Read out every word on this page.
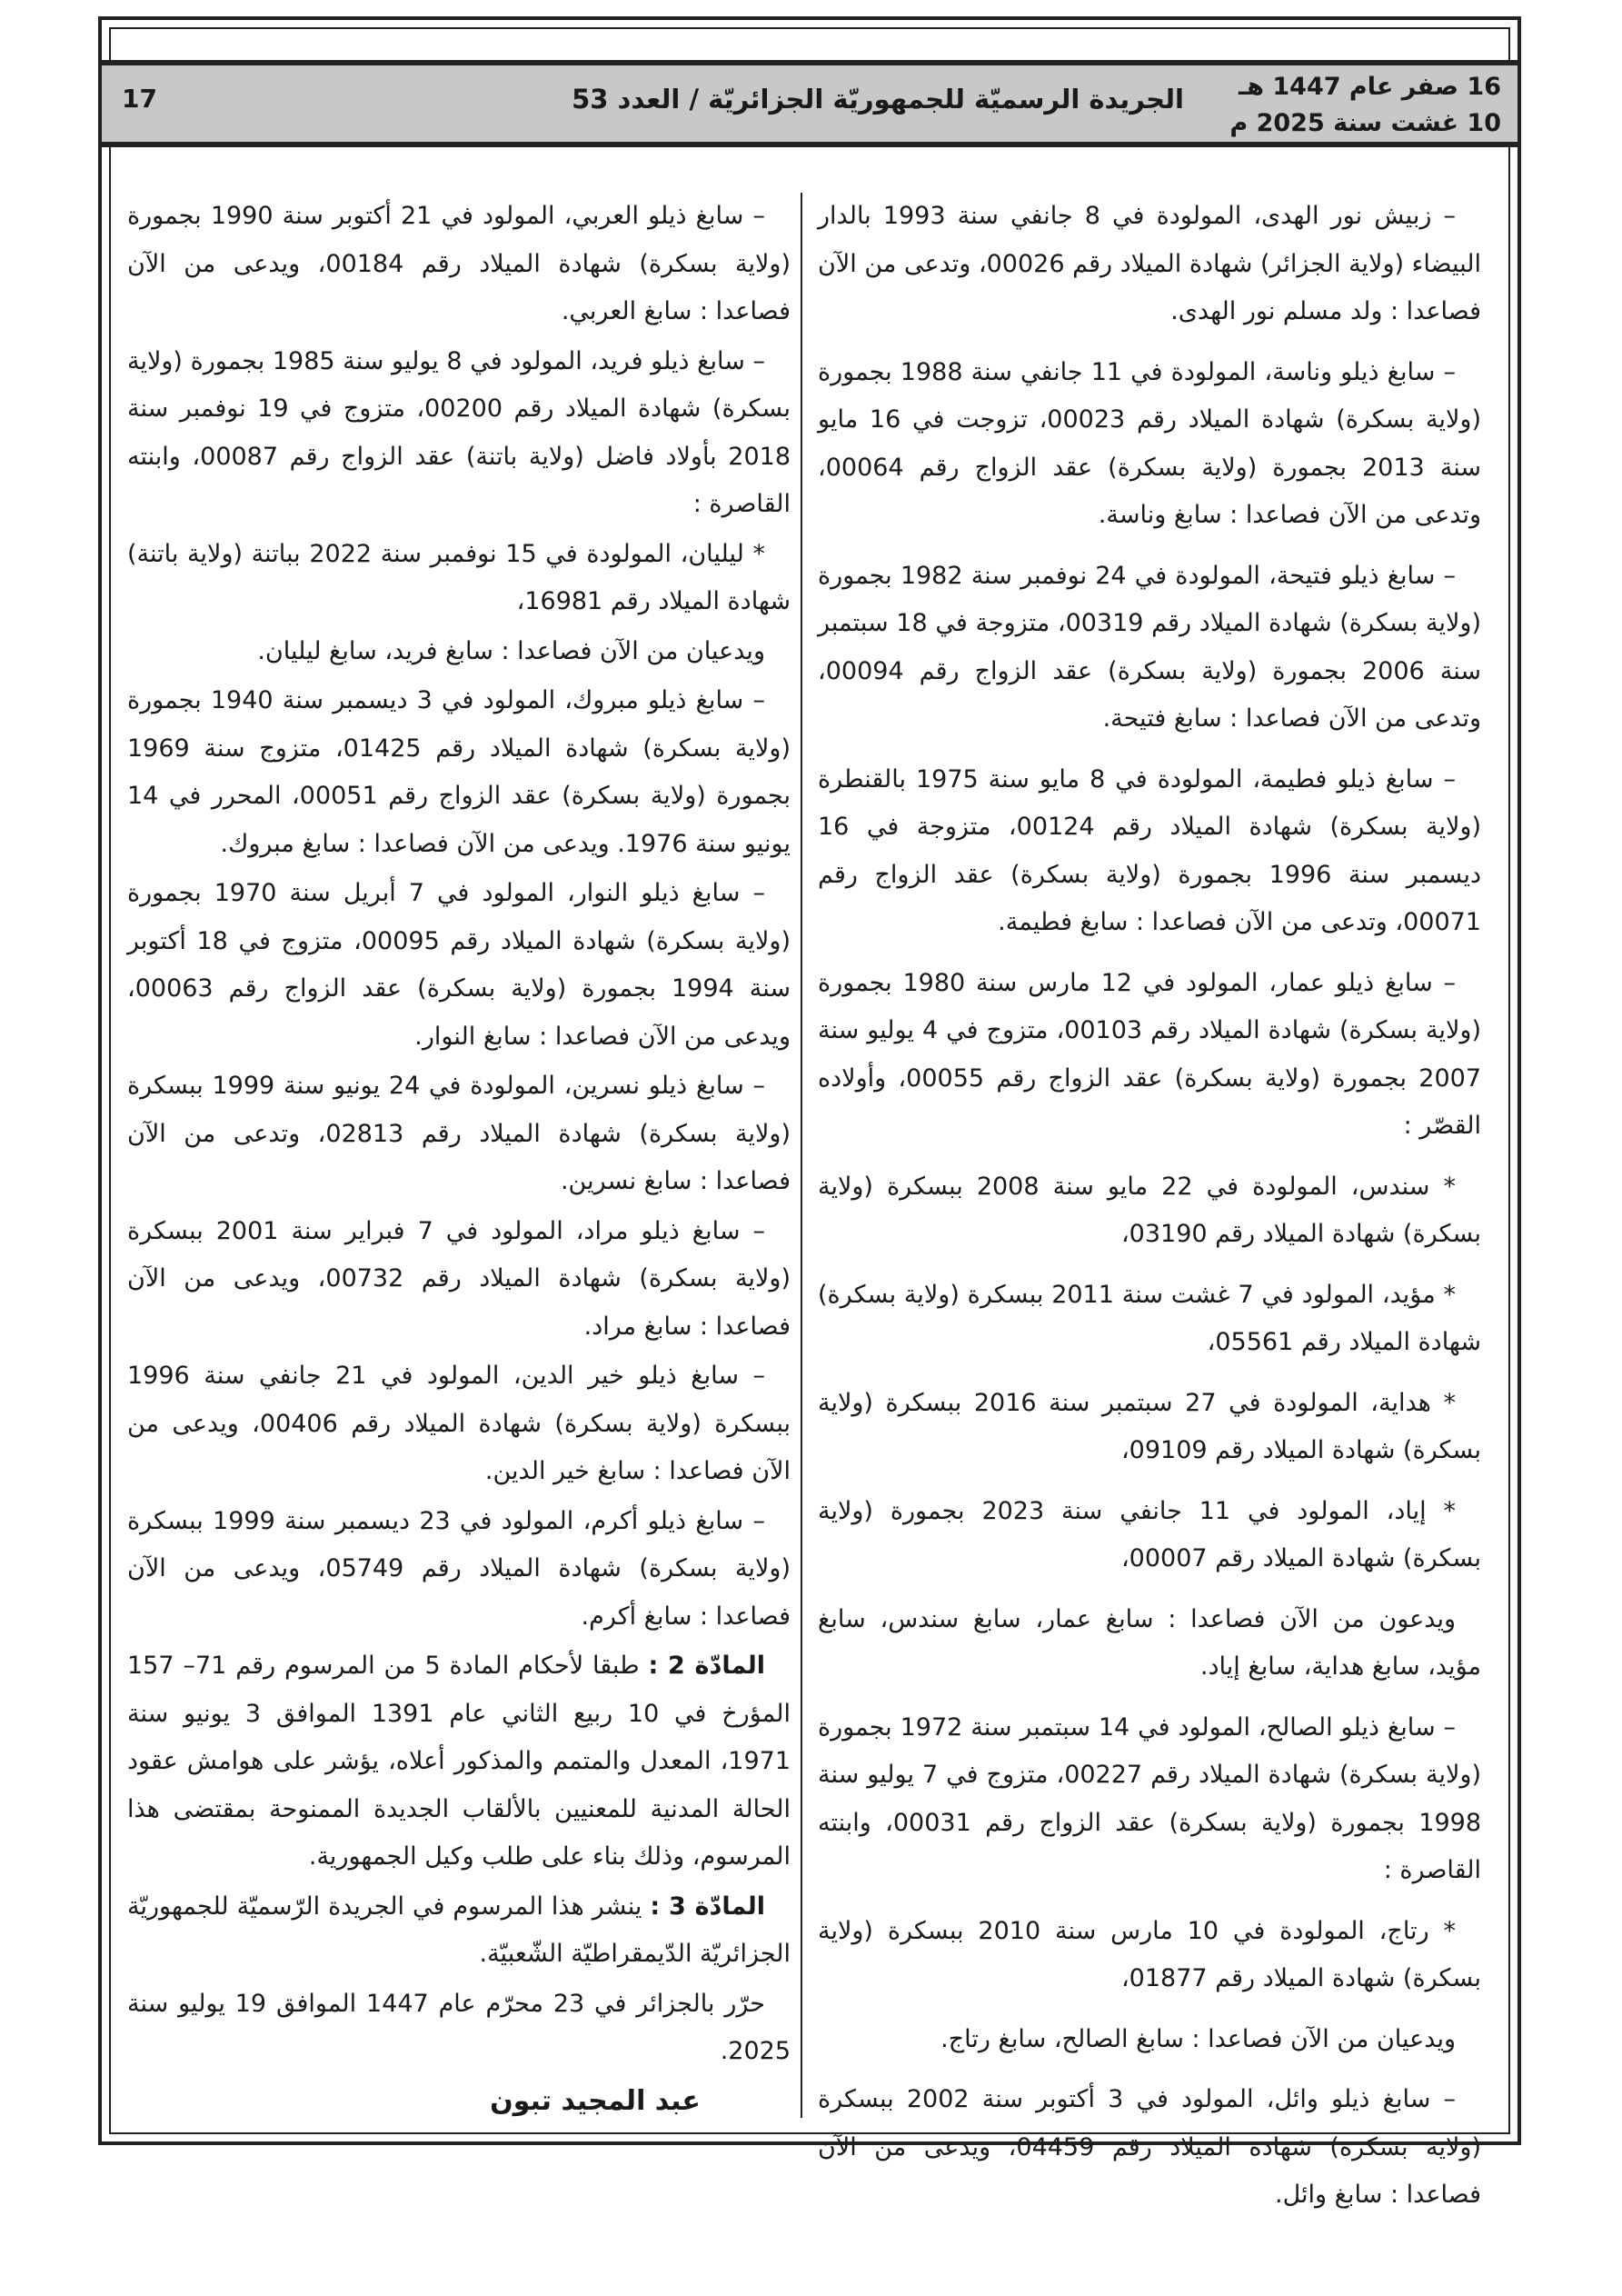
16 صفر عام 1447 هـ
10 غشت سنة 2025 م
الجريدة الرسميّة للجمهوريّة الجزائريّة / العدد 53
17

– زبيش نور الهدى، المولودة في 8 جانفي سنة 1993 بالدار البيضاء (ولاية الجزائر) شهادة الميلاد رقم 00026، وتدعى من الآن فصاعدا : ولد مسلم نور الهدى.

– سابغ ذيلو وناسة، المولودة في 11 جانفي سنة 1988 بجمورة (ولاية بسكرة) شهادة الميلاد رقم 00023، تزوجت في 16 مايو سنة 2013 بجمورة (ولاية بسكرة) عقد الزواج رقم 00064، وتدعى من الآن فصاعدا : سابغ وناسة.

– سابغ ذيلو فتيحة، المولودة في 24 نوفمبر سنة 1982 بجمورة (ولاية بسكرة) شهادة الميلاد رقم 00319، متزوجة في 18 سبتمبر سنة 2006 بجمورة (ولاية بسكرة) عقد الزواج رقم 00094، وتدعى من الآن فصاعدا : سابغ فتيحة.

– سابغ ذيلو فطيمة، المولودة في 8 مايو سنة 1975 بالقنطرة (ولاية بسكرة) شهادة الميلاد رقم 00124، متزوجة في 16 ديسمبر سنة 1996 بجمورة (ولاية بسكرة) عقد الزواج رقم 00071، وتدعى من الآن فصاعدا : سابغ فطيمة.

– سابغ ذيلو عمار، المولود في 12 مارس سنة 1980 بجمورة (ولاية بسكرة) شهادة الميلاد رقم 00103، متزوج في 4 يوليو سنة 2007 بجمورة (ولاية بسكرة) عقد الزواج رقم 00055، وأولاده القصّر :

* سندس، المولودة في 22 مايو سنة 2008 ببسكرة (ولاية بسكرة) شهادة الميلاد رقم 03190،

* مؤيد، المولود في 7 غشت سنة 2011 ببسكرة (ولاية بسكرة) شهادة الميلاد رقم 05561،

* هداية، المولودة في 27 سبتمبر سنة 2016 ببسكرة (ولاية بسكرة) شهادة الميلاد رقم 09109،

* إياد، المولود في 11 جانفي سنة 2023 بجمورة (ولاية بسكرة) شهادة الميلاد رقم 00007،

ويدعون من الآن فصاعدا : سابغ عمار، سابغ سندس، سابغ مؤيد، سابغ هداية، سابغ إياد.

– سابغ ذيلو الصالح، المولود في 14 سبتمبر سنة 1972 بجمورة (ولاية بسكرة) شهادة الميلاد رقم 00227، متزوج في 7 يوليو سنة 1998 بجمورة (ولاية بسكرة) عقد الزواج رقم 00031، وابنته القاصرة :

* رتاج، المولودة في 10 مارس سنة 2010 ببسكرة (ولاية بسكرة) شهادة الميلاد رقم 01877،

ويدعيان من الآن فصاعدا : سابغ الصالح، سابغ رتاج.

– سابغ ذيلو وائل، المولود في 3 أكتوبر سنة 2002 ببسكرة (ولاية بسكرة) شهادة الميلاد رقم 04459، ويدعى من الآن فصاعدا : سابغ وائل.

– سابغ ذيلو العربي، المولود في 21 أكتوبر سنة 1990 بجمورة (ولاية بسكرة) شهادة الميلاد رقم 00184، ويدعى من الآن فصاعدا : سابغ العربي.

– سابغ ذيلو فريد، المولود في 8 يوليو سنة 1985 بجمورة (ولاية بسكرة) شهادة الميلاد رقم 00200، متزوج في 19 نوفمبر سنة 2018 بأولاد فاضل (ولاية باتنة) عقد الزواج رقم 00087، وابنته القاصرة :

* ليليان، المولودة في 15 نوفمبر سنة 2022 بباتنة (ولاية باتنة) شهادة الميلاد رقم 16981،

ويدعيان من الآن فصاعدا : سابغ فريد، سابغ ليليان.

– سابغ ذيلو مبروك، المولود في 3 ديسمبر سنة 1940 بجمورة (ولاية بسكرة) شهادة الميلاد رقم 01425، متزوج سنة 1969 بجمورة (ولاية بسكرة) عقد الزواج رقم 00051، المحرر في 14 يونيو سنة 1976. ويدعى من الآن فصاعدا : سابغ مبروك.

– سابغ ذيلو النوار، المولود في 7 أبريل سنة 1970 بجمورة (ولاية بسكرة) شهادة الميلاد رقم 00095، متزوج في 18 أكتوبر سنة 1994 بجمورة (ولاية بسكرة) عقد الزواج رقم 00063، ويدعى من الآن فصاعدا : سابغ النوار.

– سابغ ذيلو نسرين، المولودة في 24 يونيو سنة 1999 ببسكرة (ولاية بسكرة) شهادة الميلاد رقم 02813، وتدعى من الآن فصاعدا : سابغ نسرين.

– سابغ ذيلو مراد، المولود في 7 فبراير سنة 2001 ببسكرة (ولاية بسكرة) شهادة الميلاد رقم 00732، ويدعى من الآن فصاعدا : سابغ مراد.

– سابغ ذيلو خير الدين، المولود في 21 جانفي سنة 1996 ببسكرة (ولاية بسكرة) شهادة الميلاد رقم 00406، ويدعى من الآن فصاعدا : سابغ خير الدين.

– سابغ ذيلو أكرم، المولود في 23 ديسمبر سنة 1999 ببسكرة (ولاية بسكرة) شهادة الميلاد رقم 05749، ويدعى من الآن فصاعدا : سابغ أكرم.

المادّة 2 : طبقا لأحكام المادة 5 من المرسوم رقم 71– 157 المؤرخ في 10 ربيع الثاني عام 1391 الموافق 3 يونيو سنة 1971، المعدل والمتمم والمذكور أعلاه، يؤشر على هوامش عقود الحالة المدنية للمعنيين بالألقاب الجديدة الممنوحة بمقتضى هذا المرسوم، وذلك بناء على طلب وكيل الجمهورية.

المادّة 3 : ينشر هذا المرسوم في الجريدة الرّسميّة للجمهوريّة الجزائريّة الدّيمقراطيّة الشّعبيّة.

حرّر بالجزائر في 23 محرّم عام 1447 الموافق 19 يوليو سنة 2025.

عبد المجيد تبون
